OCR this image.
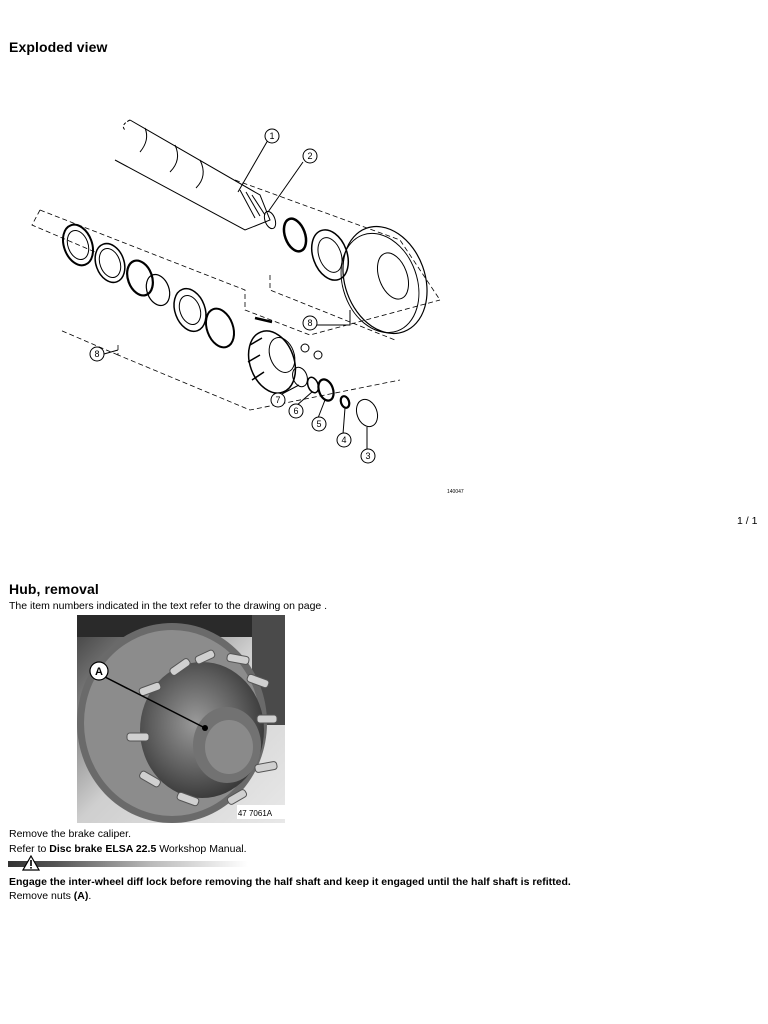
Exploded view
1
2
3
4
5
6
7
8
8
140047
1 / 1
Hub, removal
The item numbers indicated in the text refer to the drawing on page .
A
47 7061A
Remove the brake caliper.
Refer to Disc brake ELSA 22.5 Workshop Manual.
Engage the inter-wheel diff lock before removing the half shaft and keep it engaged until the half shaft is refitted.
Remove nuts (A).
